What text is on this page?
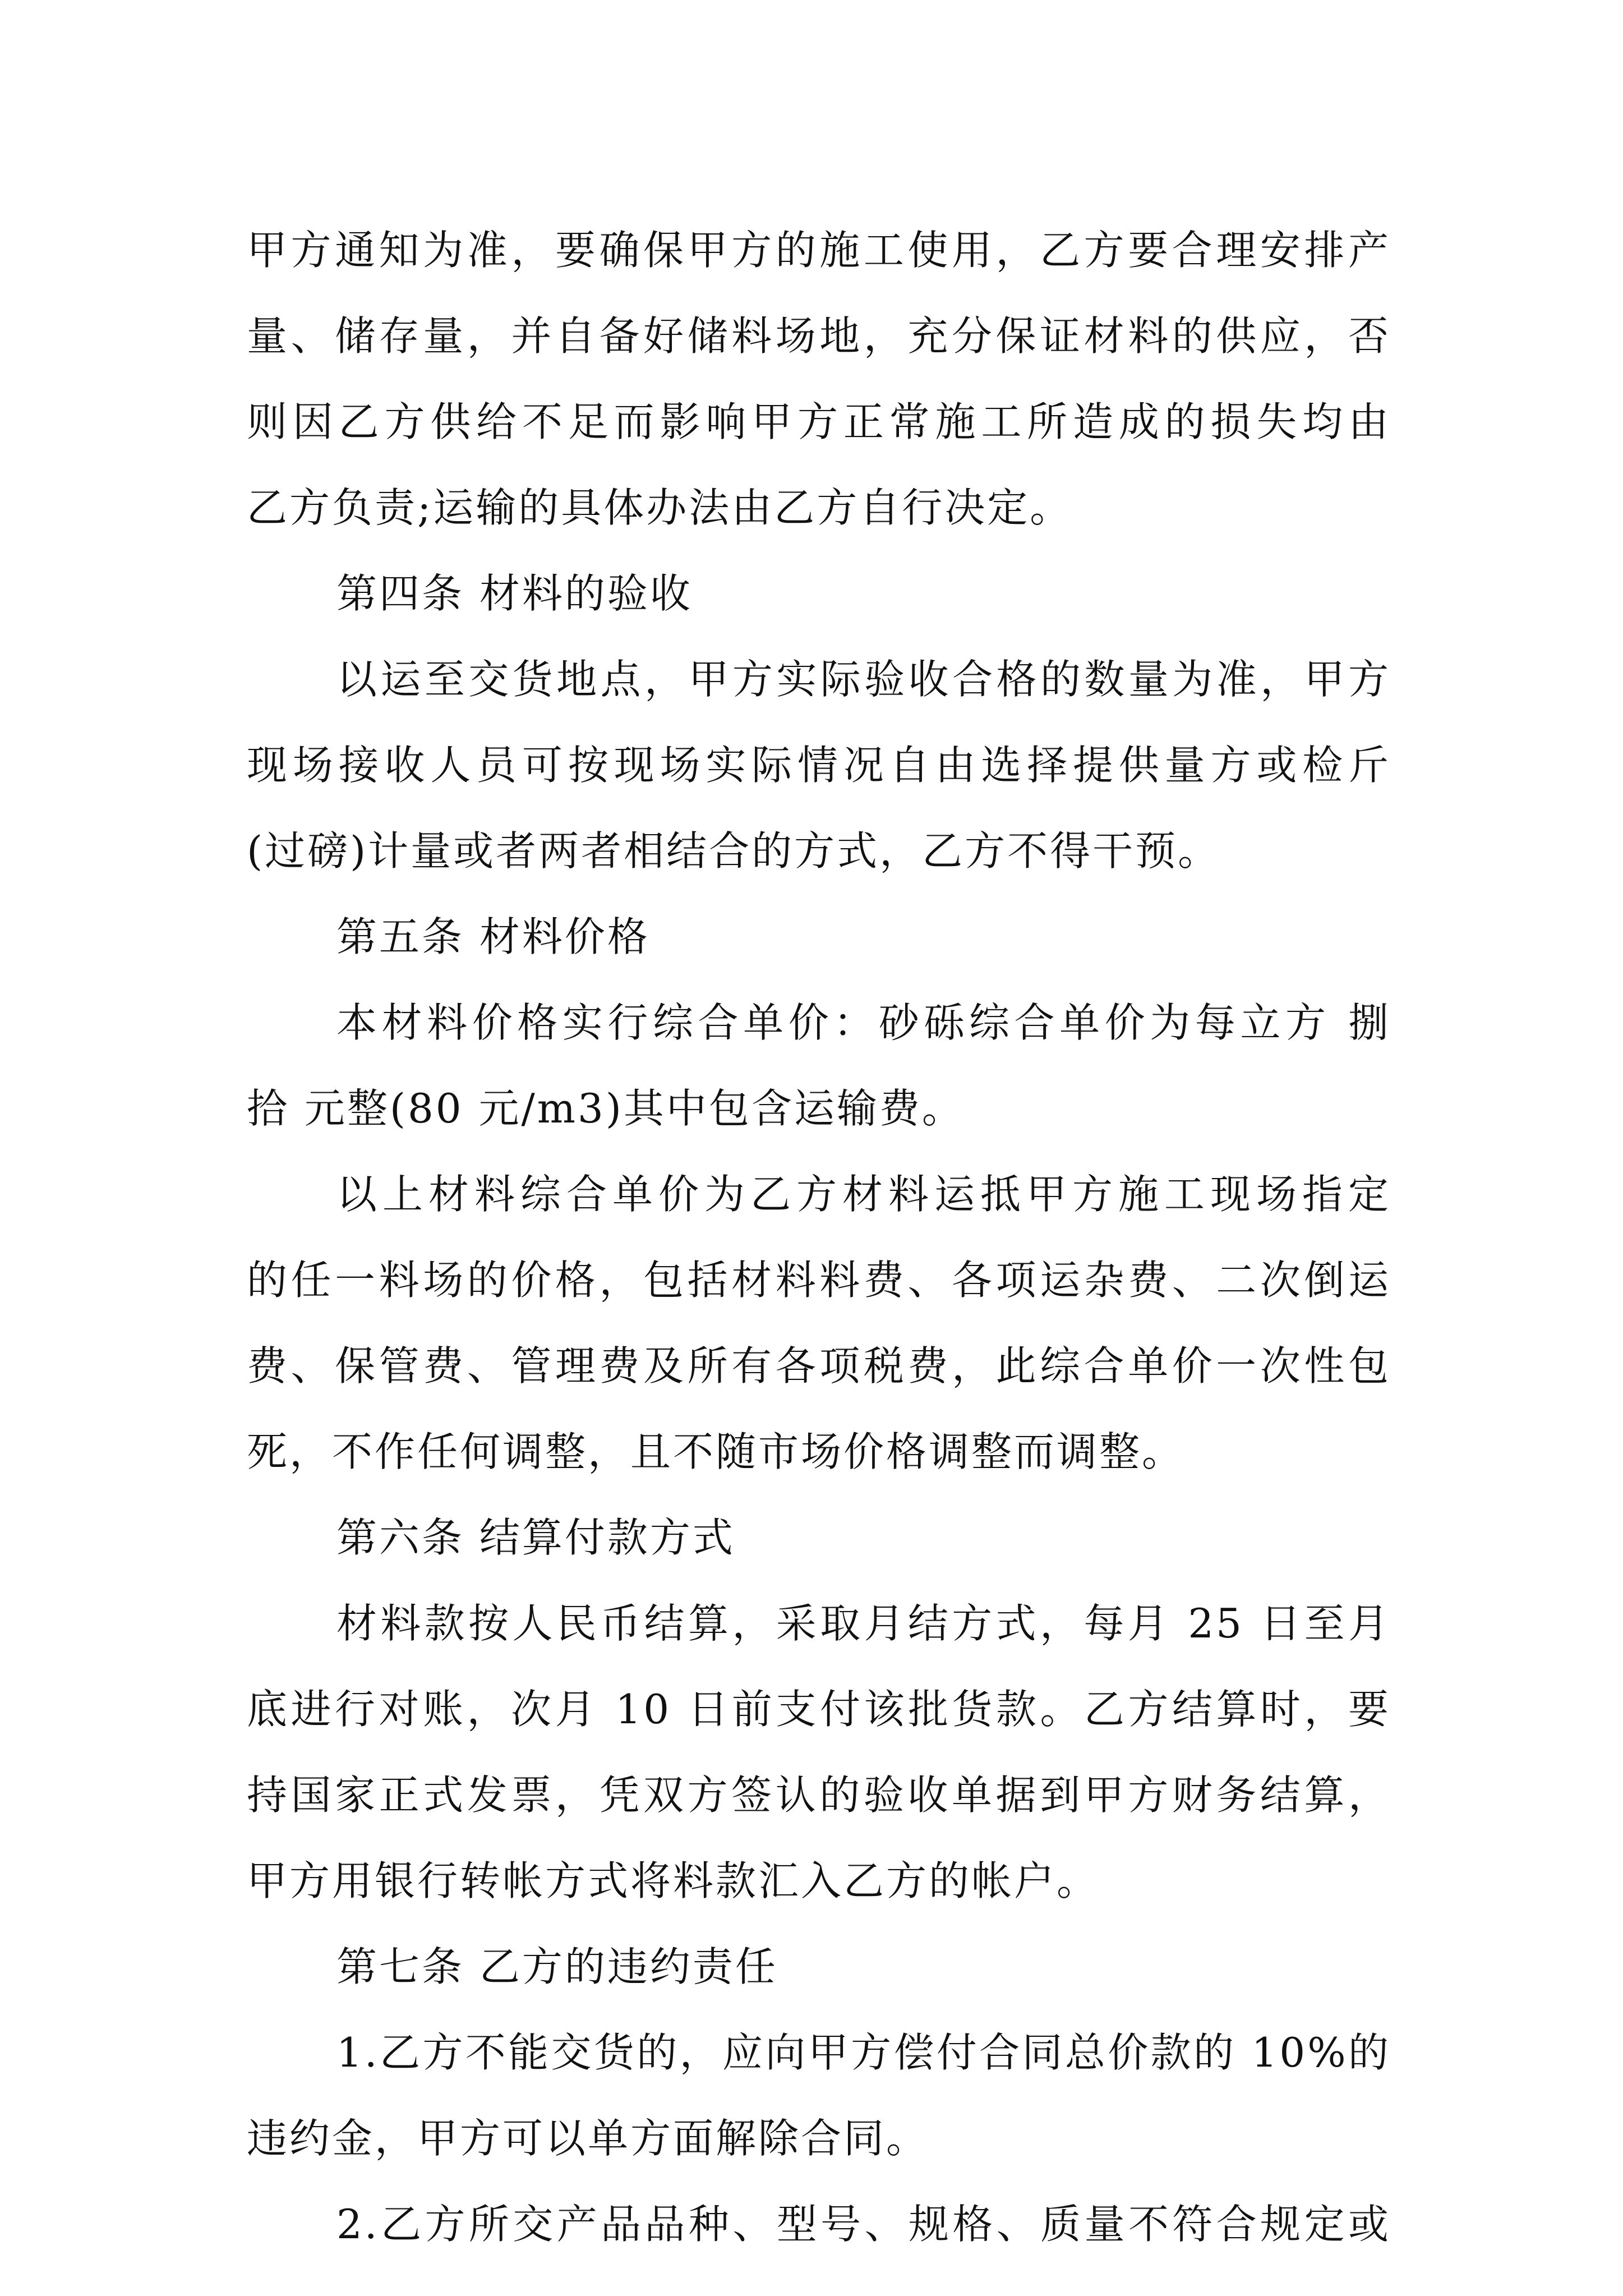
甲方通知为准，要确保甲方的施工使用，乙方要合理安排产
量、储存量，并自备好储料场地，充分保证材料的供应，否
则因乙方供给不足而影响甲方正常施工所造成的损失均由
乙方负责;运输的具体办法由乙方自行决定。
第四条 材料的验收
以运至交货地点，甲方实际验收合格的数量为准，甲方
现场接收人员可按现场实际情况自由选择提供量方或检斤
(过磅)计量或者两者相结合的方式，乙方不得干预。
第五条 材料价格
本材料价格实行综合单价：砂砾综合单价为每立方 捌
拾 元整(80 元/m3)其中包含运输费。
以上材料综合单价为乙方材料运抵甲方施工现场指定
的任一料场的价格，包括材料料费、各项运杂费、二次倒运
费、保管费、管理费及所有各项税费，此综合单价一次性包
死，不作任何调整，且不随市场价格调整而调整。
第六条 结算付款方式
材料款按人民币结算，采取月结方式，每月 25 日至月
底进行对账，次月 10 日前支付该批货款。乙方结算时，要
持国家正式发票，凭双方签认的验收单据到甲方财务结算，
甲方用银行转帐方式将料款汇入乙方的帐户。
第七条 乙方的违约责任
1.乙方不能交货的，应向甲方偿付合同总价款的 10%的
违约金，甲方可以单方面解除合同。
2.乙方所交产品品种、型号、规格、质量不符合规定或
